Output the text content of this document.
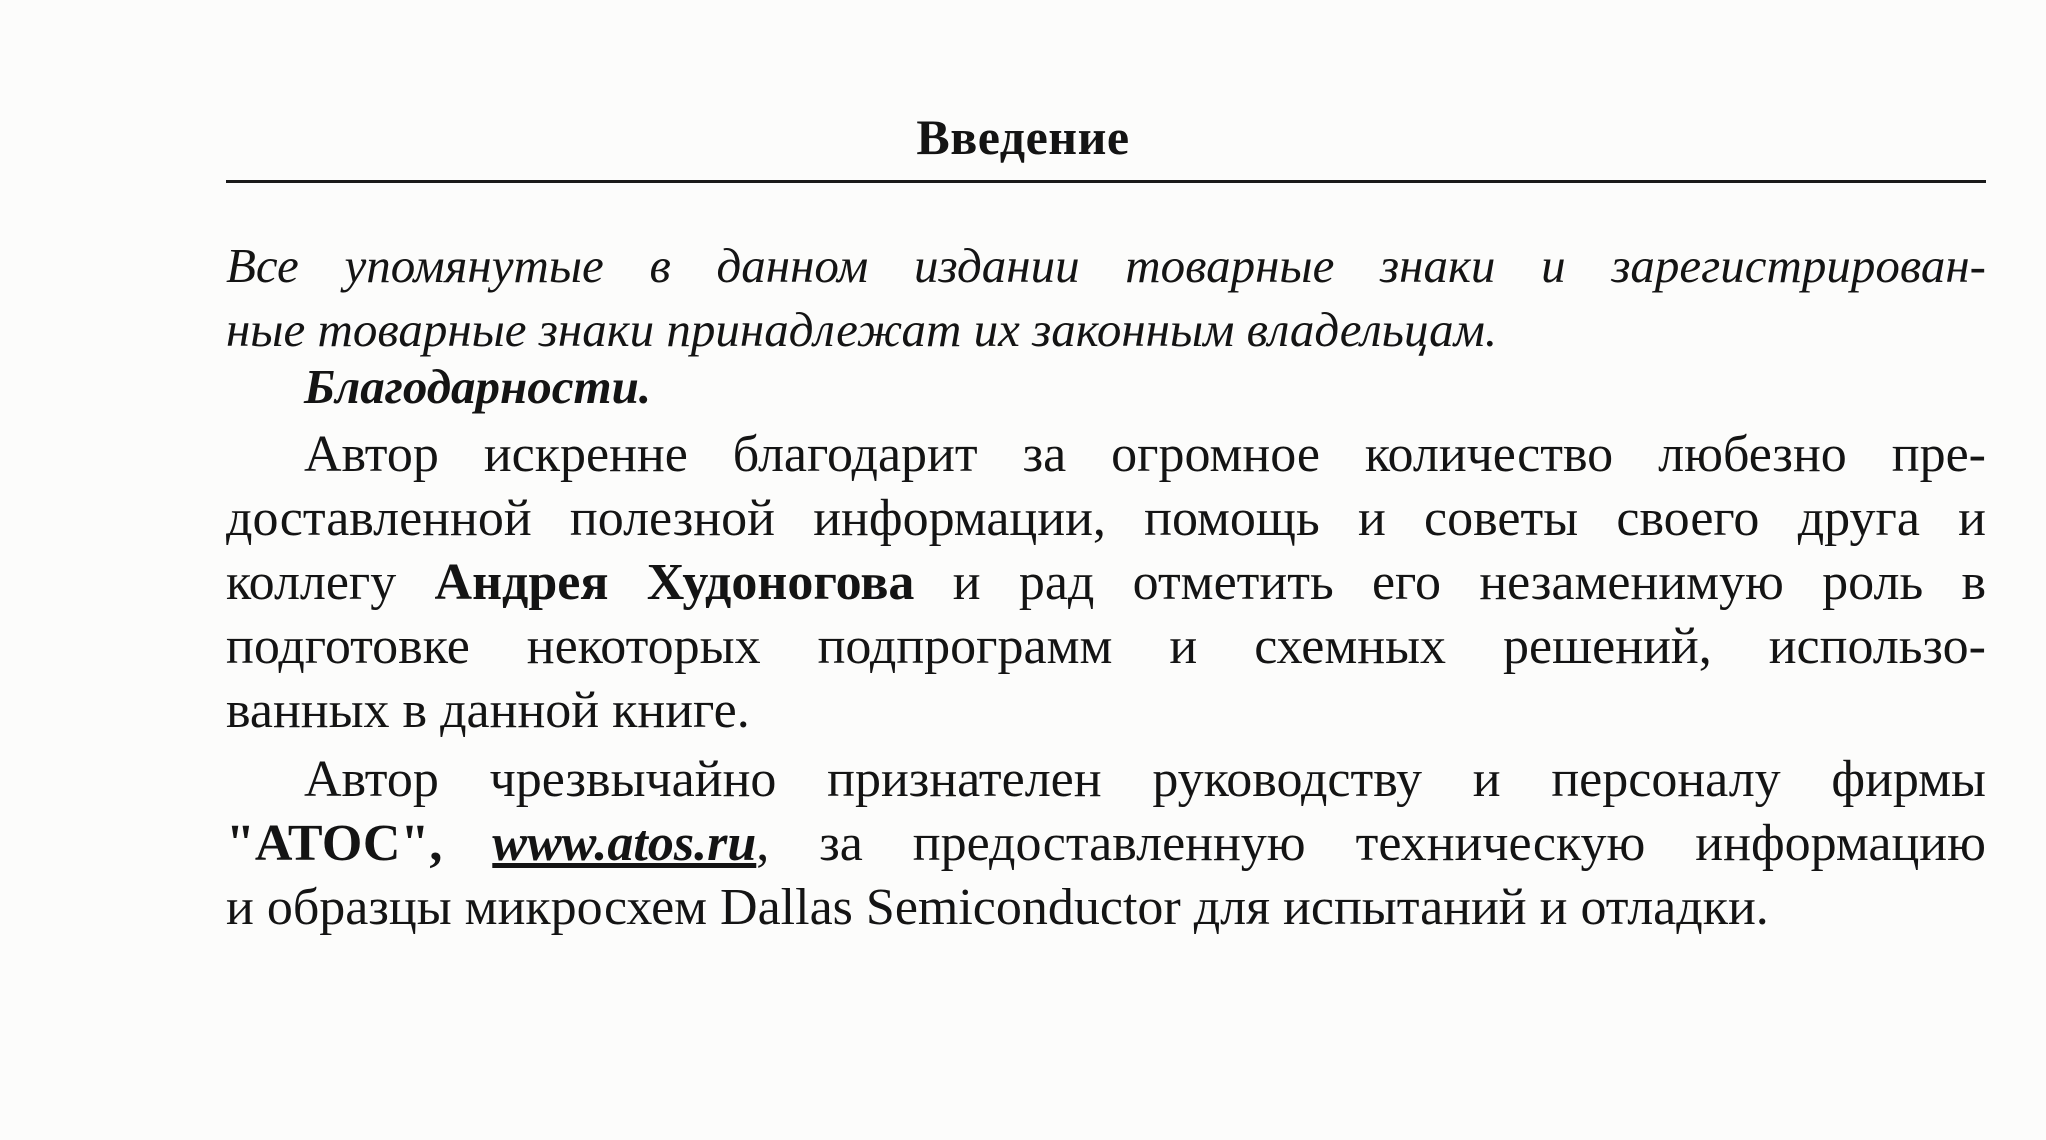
Введение
Все упомянутые в данном издании товарные знаки и зарегистрирован-
ные товарные знаки принадлежат их законным владельцам.
Благодарности.
Автор искренне благодарит за огромное количество любезно пре-
доставленной полезной информации, помощь и советы своего друга и
коллегу Андрея Худоногова и рад отметить его незаменимую роль в
подготовке некоторых подпрограмм и схемных решений, использо-
ванных в данной книге.
Автор чрезвычайно признателен руководству и персоналу фирмы
"АТОС", www.atos.ru, за предоставленную техническую информацию
и образцы микросхем Dallas Semiconductor для испытаний и отладки.
